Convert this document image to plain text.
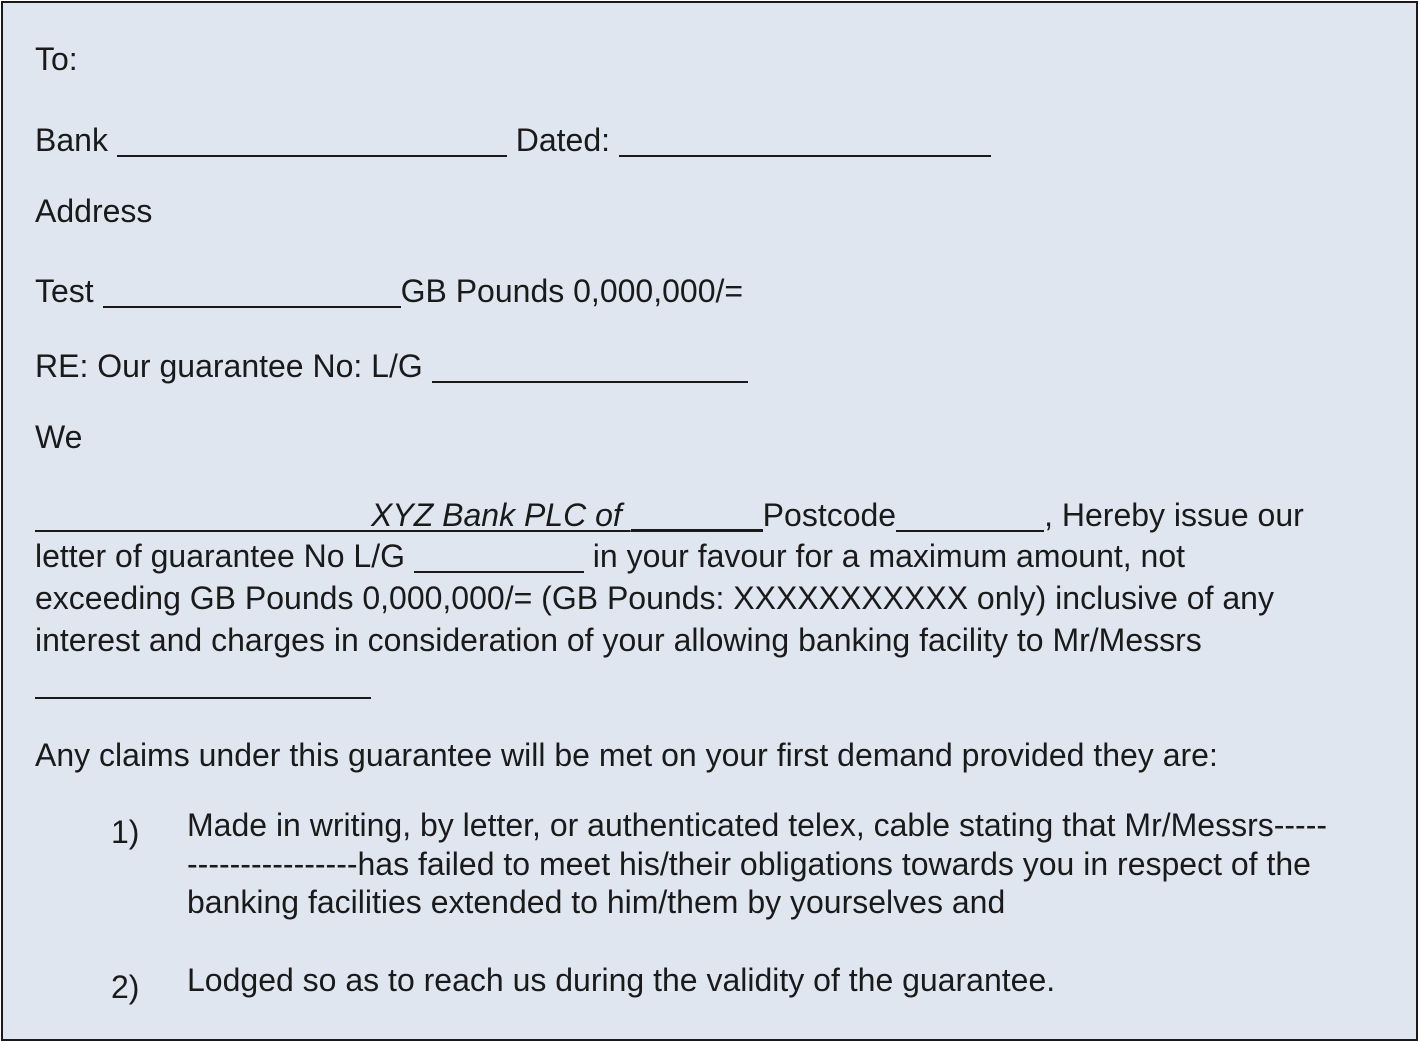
To:
Bank	Dated:
Address
Test	GB Pounds 0,000,000/=
RE: Our guarantee No: L/G
We
XYZ Bank PLC of	Postcode	, Hereby issue our
letter of guarantee No L/G	in your favour for a maximum amount, not
exceeding GB Pounds 0,000,000/= (GB Pounds: XXXXXXXXXXX only) inclusive of any
interest and charges in consideration of your allowing banking facility to Mr/Messrs
Any claims under this guarantee will be met on your first demand provided they are:
1) Made in writing, by letter, or authenticated telex, cable stating that Mr/Messrs-----
----------------has failed to meet his/their obligations towards you in respect of the
banking facilities extended to him/them by yourselves and
2) Lodged so as to reach us during the validity of the guarantee.
